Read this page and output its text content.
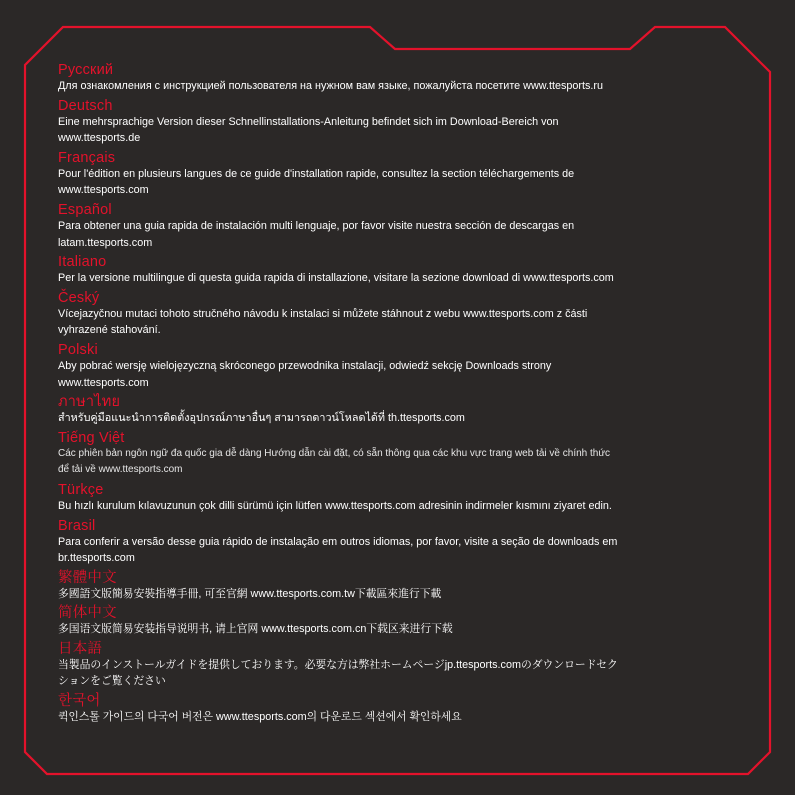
Русский
Для ознакомления с инструкцией пользователя на нужном вам языке, пожалуйста посетите www.ttesports.ru
Deutsch
Eine mehrsprachige Version dieser Schnellinstallations-Anleitung befindet sich im Download-Bereich von
www.ttesports.de
Français
Pour l'édition en plusieurs langues de ce guide d'installation rapide, consultez la section téléchargements de
www.ttesports.com
Español
Para obtener una guia rapida de instalación multi lenguaje, por favor visite nuestra sección de descargas en
latam.ttesports.com
Italiano
Per la versione multilingue di questa guida rapida di installazione, visitare la sezione download di www.ttesports.com
Český
Vícejazyčnou mutaci tohoto stručného návodu k instalaci si můžete stáhnout z webu www.ttesports.com z části
vyhrazené stahování.
Polski
Aby pobrać wersję wielojęzyczną skróconego przewodnika instalacji, odwiedź sekcję Downloads strony
www.ttesports.com
ภาษาไทย
สำหรับคู่มือแนะนำการติดตั้งอุปกรณ์ภาษาอื่นๆ สามารถดาวน์โหลดได้ที่ th.ttesports.com
Tiếng Việt
Các phiên bản ngôn ngữ đa quốc gia dễ dàng Hướng dẫn cài đặt, có sẵn thông qua các khu vực trang web tải về chính thức
để tải về www.ttesports.com
Türkçe
Bu hızlı kurulum kılavuzunun çok dilli sürümü için lütfen www.ttesports.com adresinin indirmeler kısmını ziyaret edin.
Brasil
Para conferir a versão desse guia rápido de instalação em outros idiomas, por favor, visite a seção de downloads em
br.ttesports.com
繁體中文
多國語文版簡易安裝指導手冊, 可至官網 www.ttesports.com.tw下載區來進行下載
简体中文
多国语文版简易安装指导说明书, 请上官网 www.ttesports.com.cn下载区来进行下载
日本語
当製品のインストールガイドを提供しております。必要な方は弊社ホームページjp.ttesports.comのダウンロードセク
ションをご覧ください
한국어
퀵인스톨 가이드의 다국어 버전은 www.ttesports.com의 다운로드 섹션에서 확인하세요
